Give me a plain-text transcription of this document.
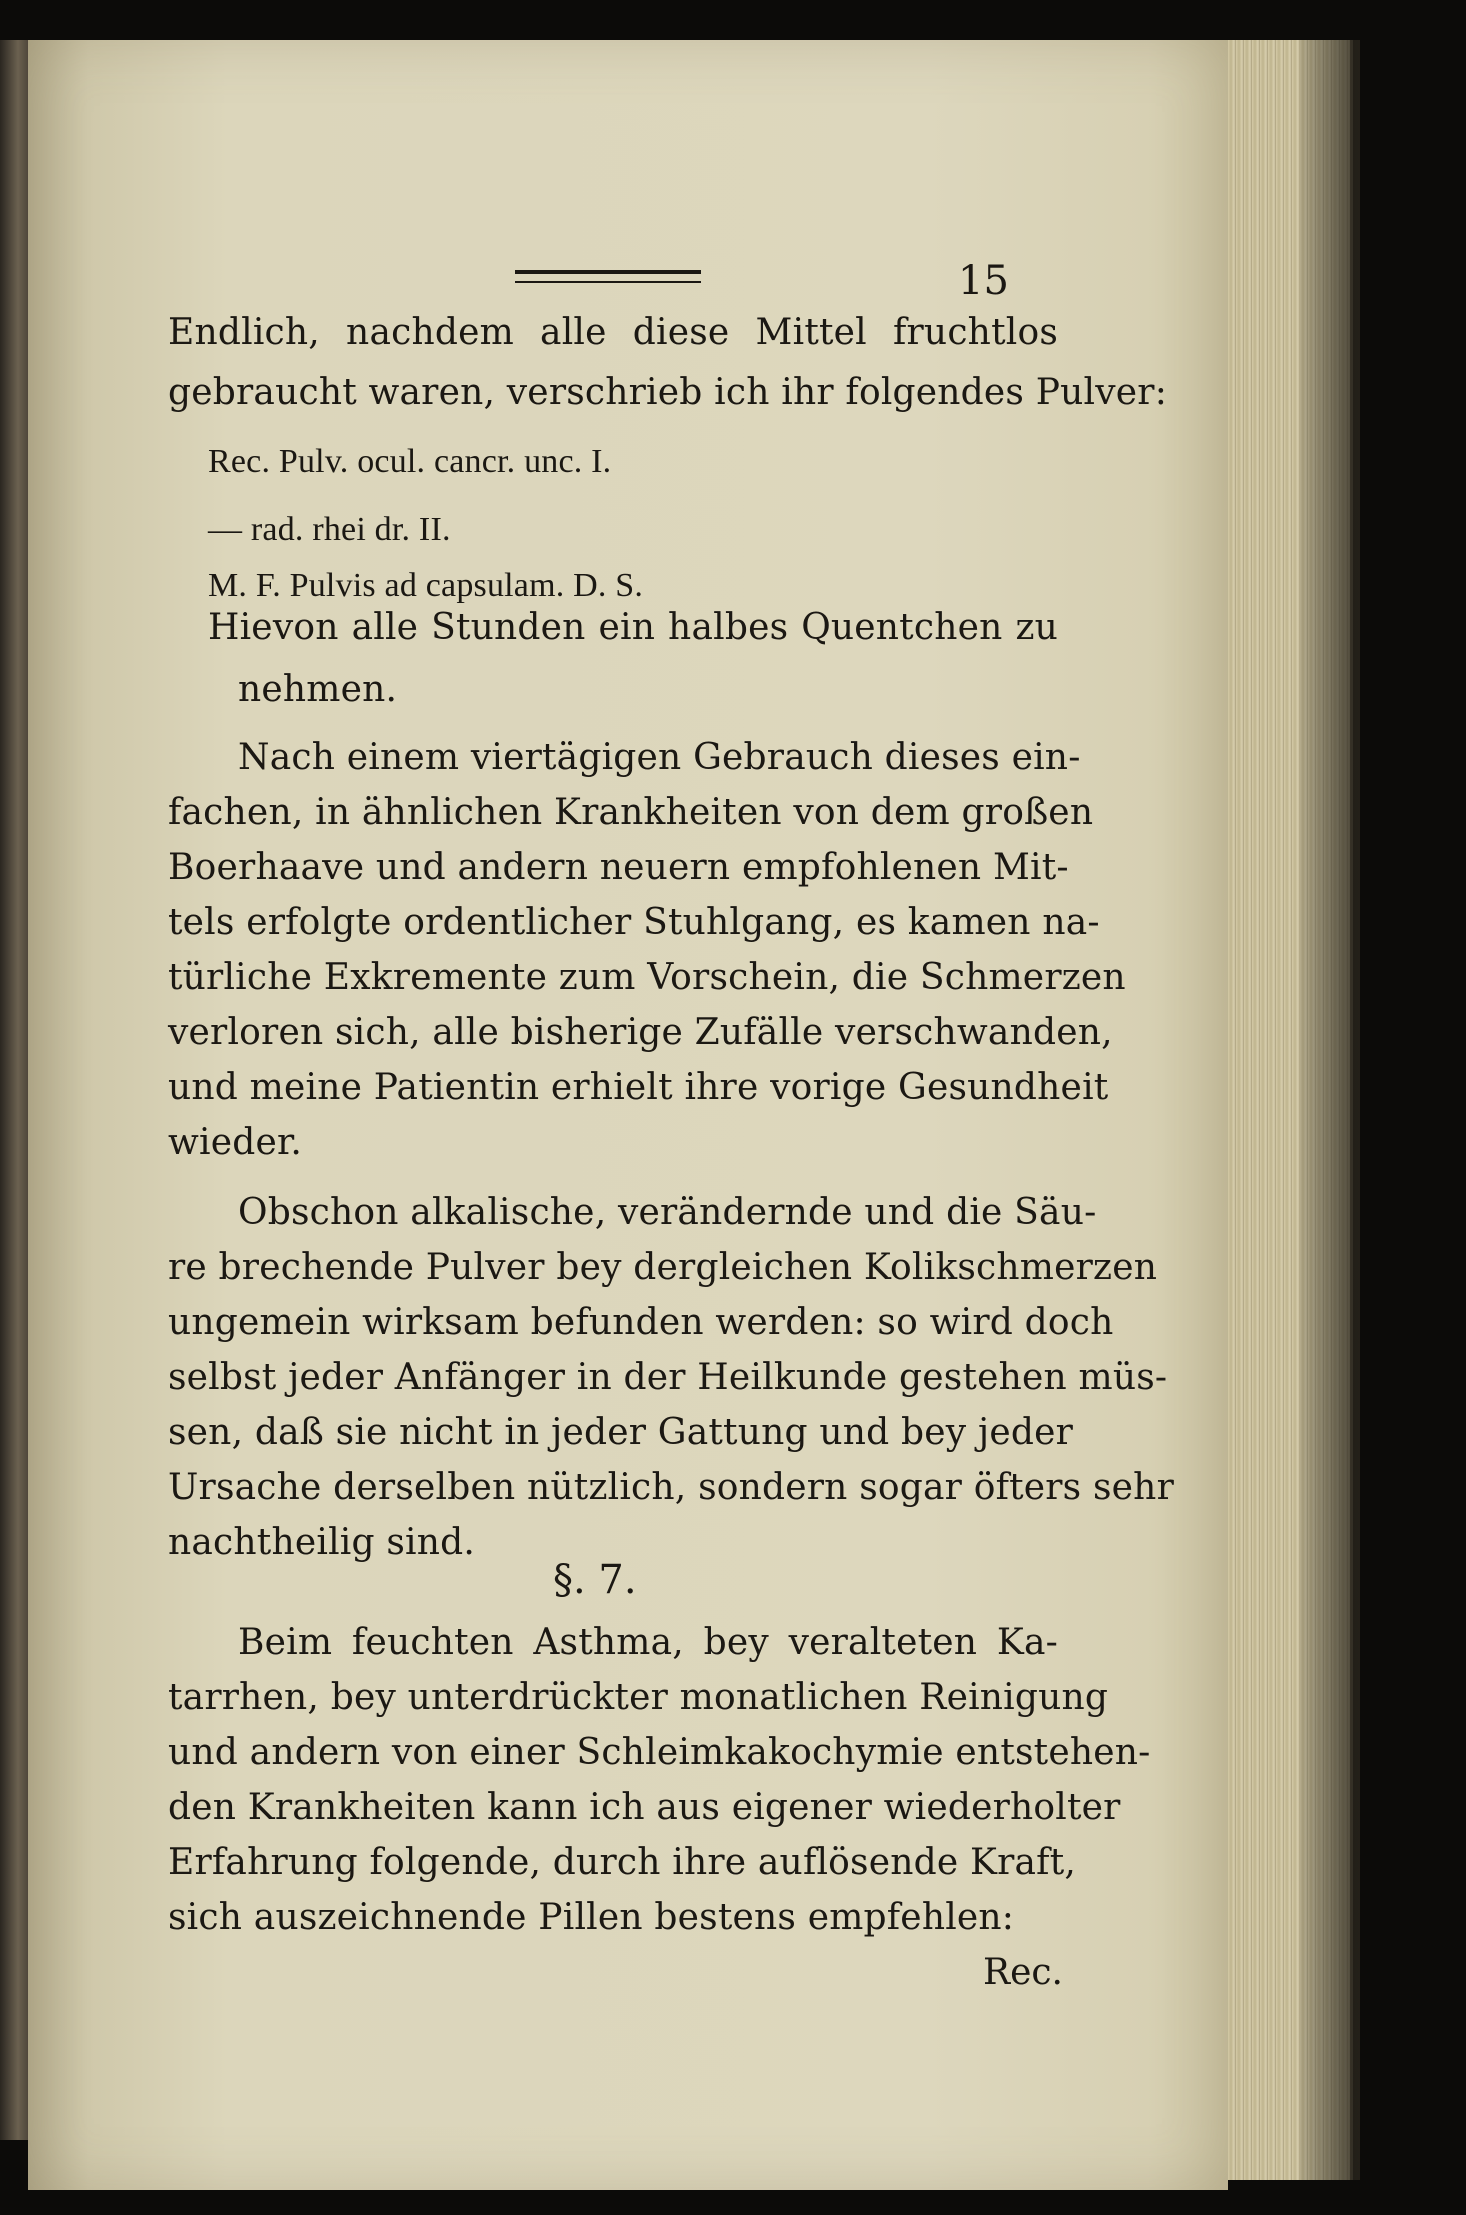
15
Endlich, nachdem alle diese Mittel fruchtlos
gebraucht waren, verschrieb ich ihr folgendes Pulver:
Rec. Pulv. ocul. cancr. unc. I.
— rad. rhei dr. II.
M. F. Pulvis ad capsulam. D. S.
Hievon alle Stunden ein halbes Quentchen zu
nehmen.
Nach einem viertägigen Gebrauch dieses ein-
fachen, in ähnlichen Krankheiten von dem großen
Boerhaave und andern neuern empfohlenen Mit-
tels erfolgte ordentlicher Stuhlgang, es kamen na-
türliche Exkremente zum Vorschein, die Schmerzen
verloren sich, alle bisherige Zufälle verschwanden,
und meine Patientin erhielt ihre vorige Gesundheit
wieder.
Obschon alkalische, verändernde und die Säu-
re brechende Pulver bey dergleichen Kolikschmerzen
ungemein wirksam befunden werden: so wird doch
selbst jeder Anfänger in der Heilkunde gestehen müs-
sen, daß sie nicht in jeder Gattung und bey jeder
Ursache derselben nützlich, sondern sogar öfters sehr
nachtheilig sind.
§. 7.
Beim feuchten Asthma, bey veralteten Ka-
tarrhen, bey unterdrückter monatlichen Reinigung
und andern von einer Schleimkakochymie entstehen-
den Krankheiten kann ich aus eigener wiederholter
Erfahrung folgende, durch ihre auflösende Kraft,
sich auszeichnende Pillen bestens empfehlen:
Rec.
